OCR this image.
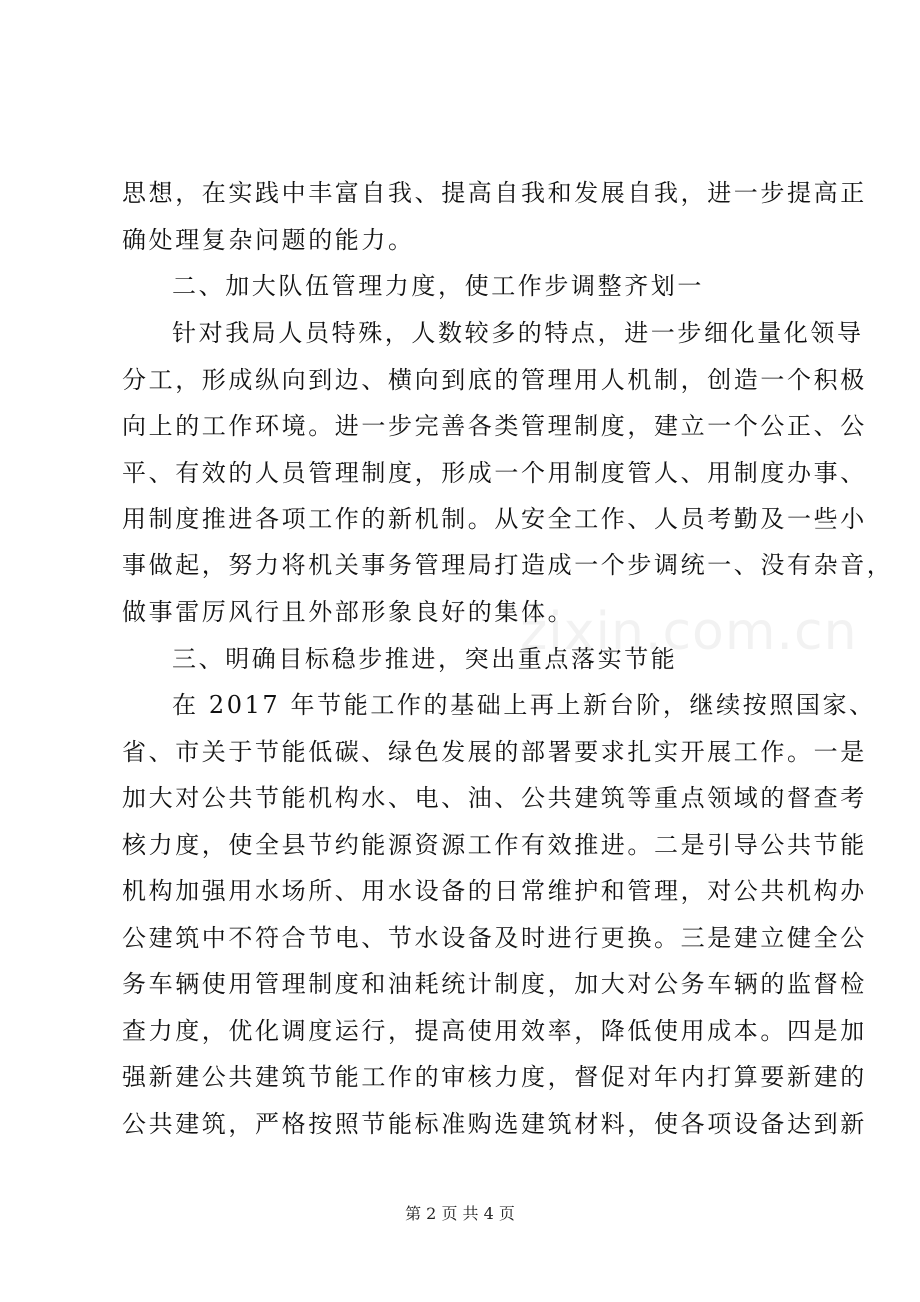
zixin.com.cn
思想，在实践中丰富自我、提高自我和发展自我，进一步提高正
确处理复杂问题的能力。
二、加大队伍管理力度，使工作步调整齐划一
针对我局人员特殊，人数较多的特点，进一步细化量化领导
分工，形成纵向到边、横向到底的管理用人机制，创造一个积极
向上的工作环境。进一步完善各类管理制度，建立一个公正、公
平、有效的人员管理制度，形成一个用制度管人、用制度办事、
用制度推进各项工作的新机制。从安全工作、人员考勤及一些小
事做起，努力将机关事务管理局打造成一个步调统一、没有杂音，
做事雷厉风行且外部形象良好的集体。
三、明确目标稳步推进，突出重点落实节能
在 2017 年节能工作的基础上再上新台阶，继续按照国家、
省、市关于节能低碳、绿色发展的部署要求扎实开展工作。一是
加大对公共节能机构水、电、油、公共建筑等重点领域的督查考
核力度，使全县节约能源资源工作有效推进。二是引导公共节能
机构加强用水场所、用水设备的日常维护和管理，对公共机构办
公建筑中不符合节电、节水设备及时进行更换。三是建立健全公
务车辆使用管理制度和油耗统计制度，加大对公务车辆的监督检
查力度，优化调度运行，提高使用效率，降低使用成本。四是加
强新建公共建筑节能工作的审核力度，督促对年内打算要新建的
公共建筑，严格按照节能标准购选建筑材料，使各项设备达到新
第 2 页 共 4 页
